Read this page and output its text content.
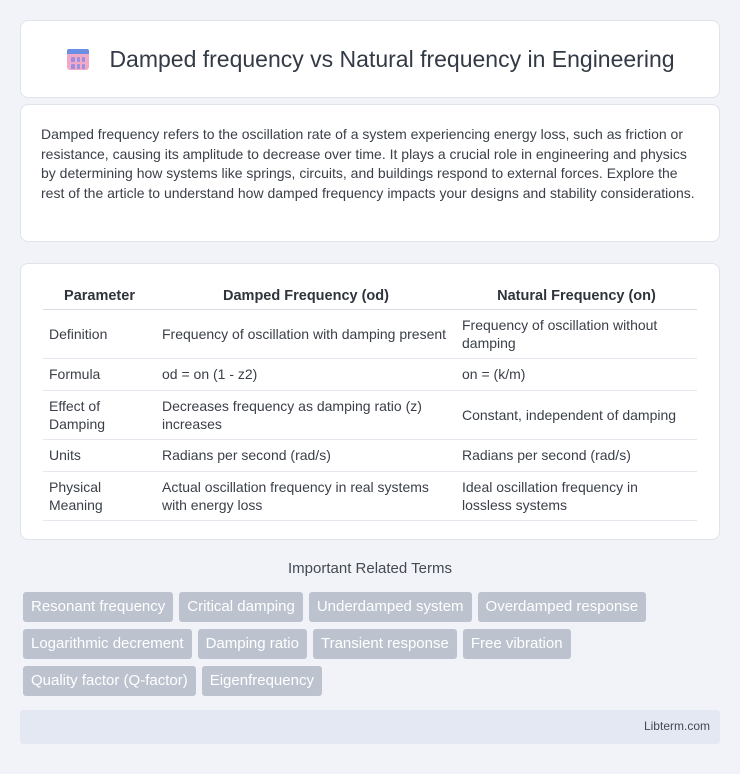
Damped frequency vs Natural frequency in Engineering

Damped frequency refers to the oscillation rate of a system experiencing energy loss, such as friction or resistance, causing its amplitude to decrease over time. It plays a crucial role in engineering and physics by determining how systems like springs, circuits, and buildings respond to external forces. Explore the rest of the article to understand how damped frequency impacts your designs and stability considerations.

Parameter	Damped Frequency (od)	Natural Frequency (on)
Definition	Frequency of oscillation with damping present	Frequency of oscillation without damping
Formula	od = on (1 - z2)	on = (k/m)
Effect of Damping	Decreases frequency as damping ratio (z) increases	Constant, independent of damping
Units	Radians per second (rad/s)	Radians per second (rad/s)
Physical Meaning	Actual oscillation frequency in real systems with energy loss	Ideal oscillation frequency in lossless systems
Important Related Terms
Resonant frequency	Critical damping	Underdamped system	Overdamped response
Logarithmic decrement	Damping ratio	Transient response	Free vibration
Quality factor (Q-factor)	Eigenfrequency
Libterm.com
